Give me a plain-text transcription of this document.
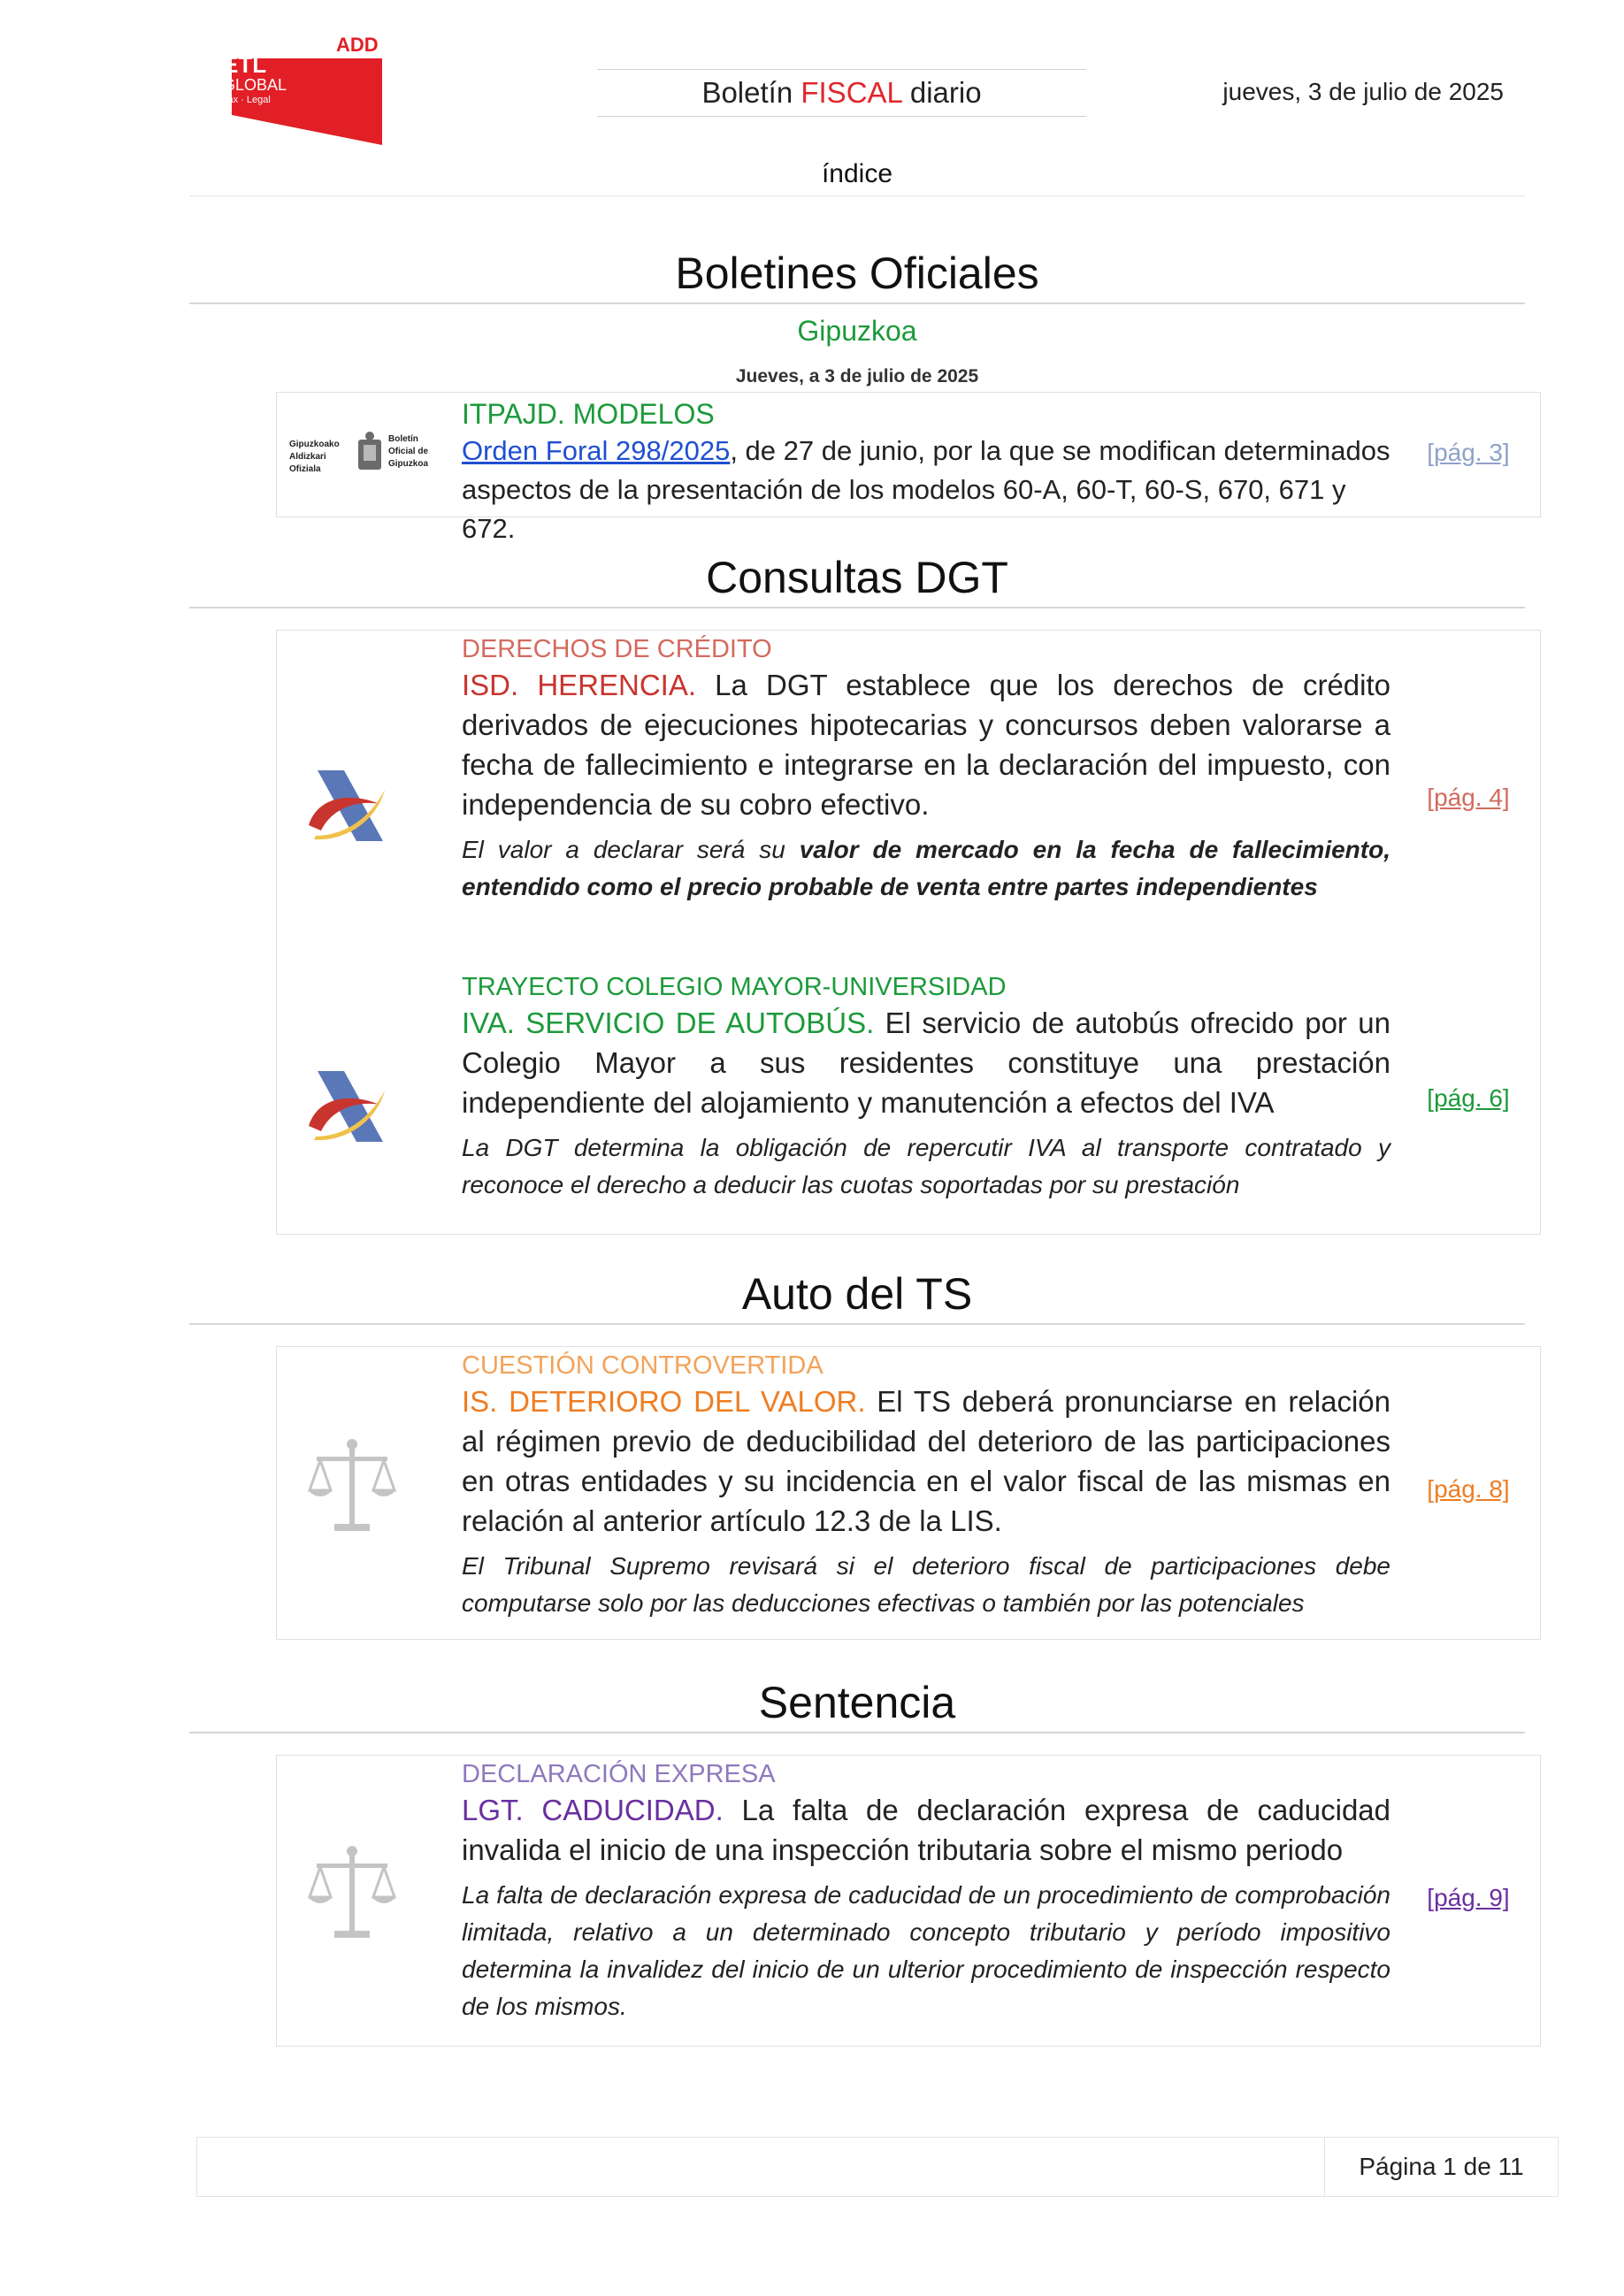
ADD
ETL
GLOBAL
Tax · Legal	Boletín FISCAL diario	jueves, 3 de julio de 2025
índice
Boletines Oficiales
Gipuzkoa
Jueves, a 3 de julio de 2025
Gipuzkoako
Aldizkari
Ofiziala
Boletín
Oficial de
Gipuzkoa
ITPAJD. MODELOS
Orden Foral 298/2025, de 27 de junio, por la que se modifican determinados aspectos de la presentación de los modelos 60-A, 60-T, 60-S, 670, 671 y 672.
[pág. 3]
Consultas DGT
DERECHOS DE CRÉDITO
ISD. HERENCIA. La DGT establece que los derechos de crédito derivados de ejecuciones hipotecarias y concursos deben valorarse a fecha de fallecimiento e integrarse en la declaración del impuesto, con independencia de su cobro efectivo.
El valor a declarar será su valor de mercado en la fecha de fallecimiento, entendido como el precio probable de venta entre partes independientes
[pág. 4]
TRAYECTO COLEGIO MAYOR-UNIVERSIDAD
IVA. SERVICIO DE AUTOBÚS. El servicio de autobús ofrecido por un Colegio Mayor a sus residentes constituye una prestación independiente del alojamiento y manutención a efectos del IVA
La DGT determina la obligación de repercutir IVA al transporte contratado y reconoce el derecho a deducir las cuotas soportadas por su prestación
[pág. 6]
Auto del TS
CUESTIÓN CONTROVERTIDA
IS. DETERIORO DEL VALOR. El TS deberá pronunciarse en relación al régimen previo de deducibilidad del deterioro de las participaciones en otras entidades y su incidencia en el valor fiscal de las mismas en relación al anterior artículo 12.3 de la LIS.
El Tribunal Supremo revisará si el deterioro fiscal de participaciones debe computarse solo por las deducciones efectivas o también por las potenciales
[pág. 8]
Sentencia
DECLARACIÓN EXPRESA
LGT. CADUCIDAD. La falta de declaración expresa de caducidad invalida el inicio de una inspección tributaria sobre el mismo periodo
La falta de declaración expresa de caducidad de un procedimiento de comprobación limitada, relativo a un determinado concepto tributario y período impositivo determina la invalidez del inicio de un ulterior procedimiento de inspección respecto de los mismos.
[pág. 9]
Página 1 de 11
